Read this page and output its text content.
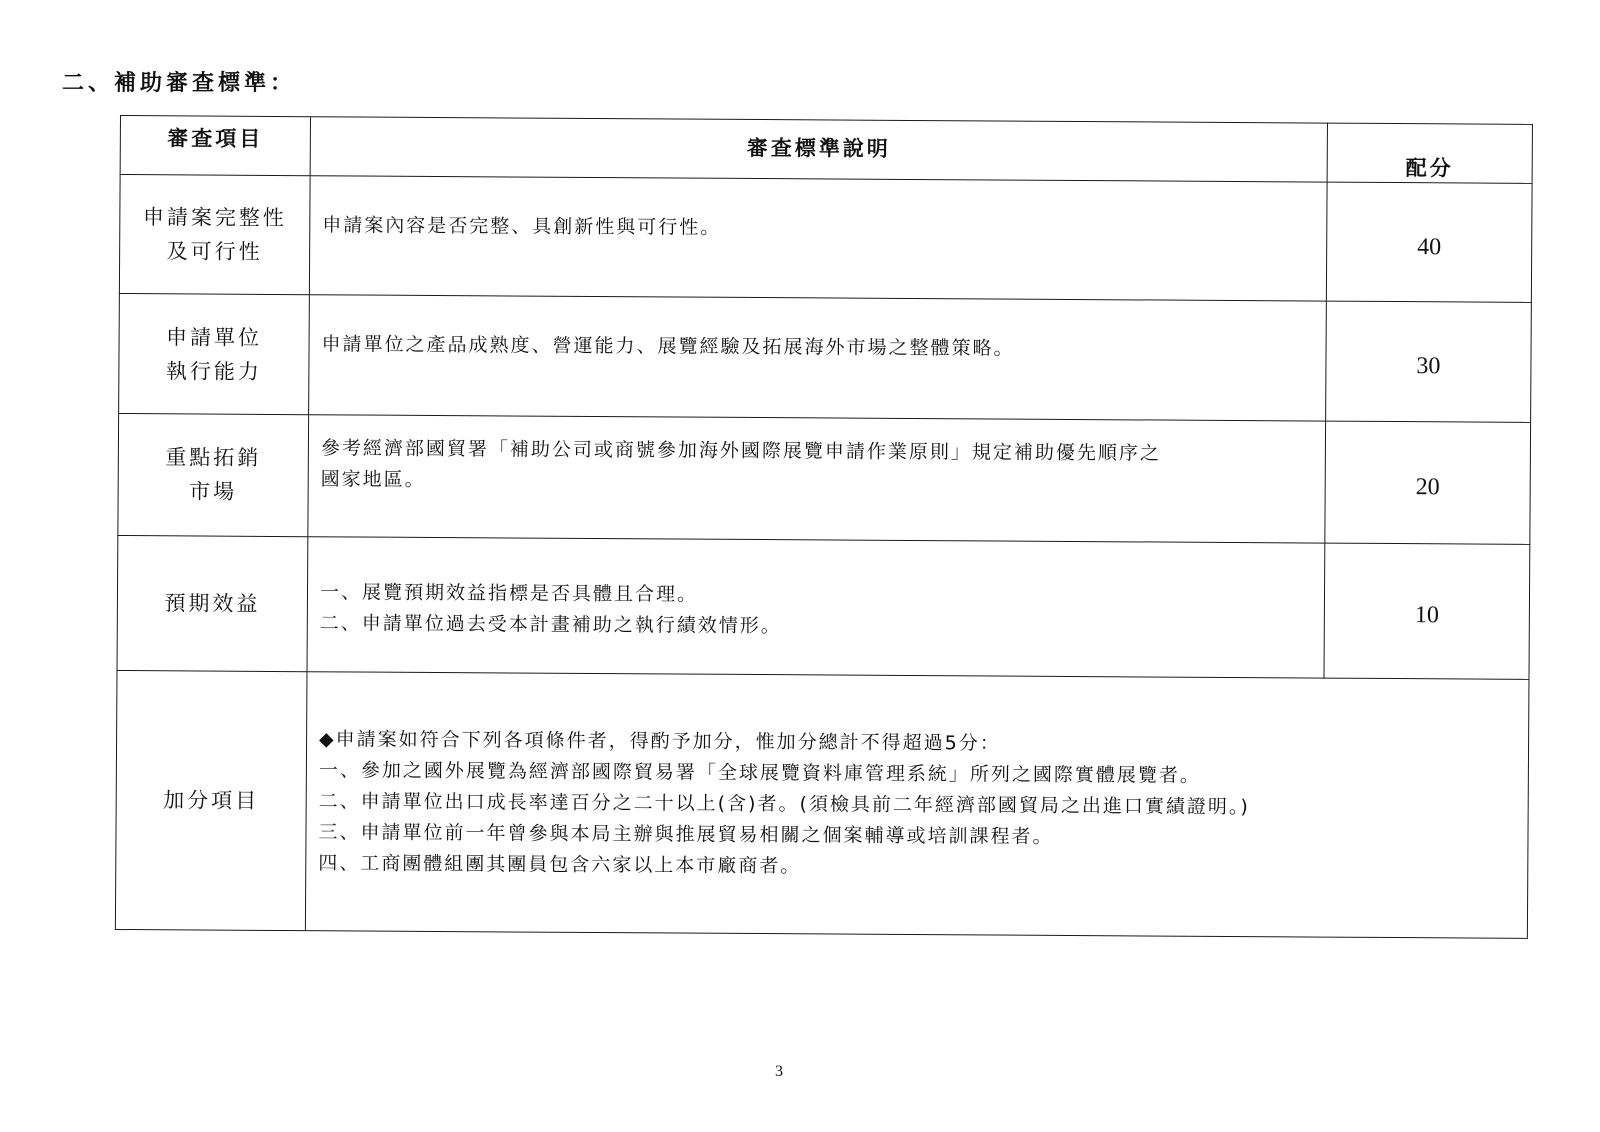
二、補助審查標準：
審查項目	審查標準說明	配分

申請案完整性
及可行性	申請案內容是否完整、具創新性與可行性。	40

申請單位
執行能力	申請單位之產品成熟度、營運能力、展覽經驗及拓展海外市場之整體策略。	30

重點拓銷
市場	參考經濟部國貿署「補助公司或商號參加海外國際展覽申請作業原則」規定補助優先順序之
國家地區。	20

預期效益	一、展覽預期效益指標是否具體且合理。
二、申請單位過去受本計畫補助之執行績效情形。	10
加分項目	◆申請案如符合下列各項條件者，得酌予加分，惟加分總計不得超過5分：
一、參加之國外展覽為經濟部國際貿易署「全球展覽資料庫管理系統」所列之國際實體展覽者。
二、申請單位出口成長率達百分之二十以上(含)者。(須檢具前二年經濟部國貿局之出進口實績證明。)
三、申請單位前一年曾參與本局主辦與推展貿易相關之個案輔導或培訓課程者。
四、工商團體組團其團員包含六家以上本市廠商者。	
3
